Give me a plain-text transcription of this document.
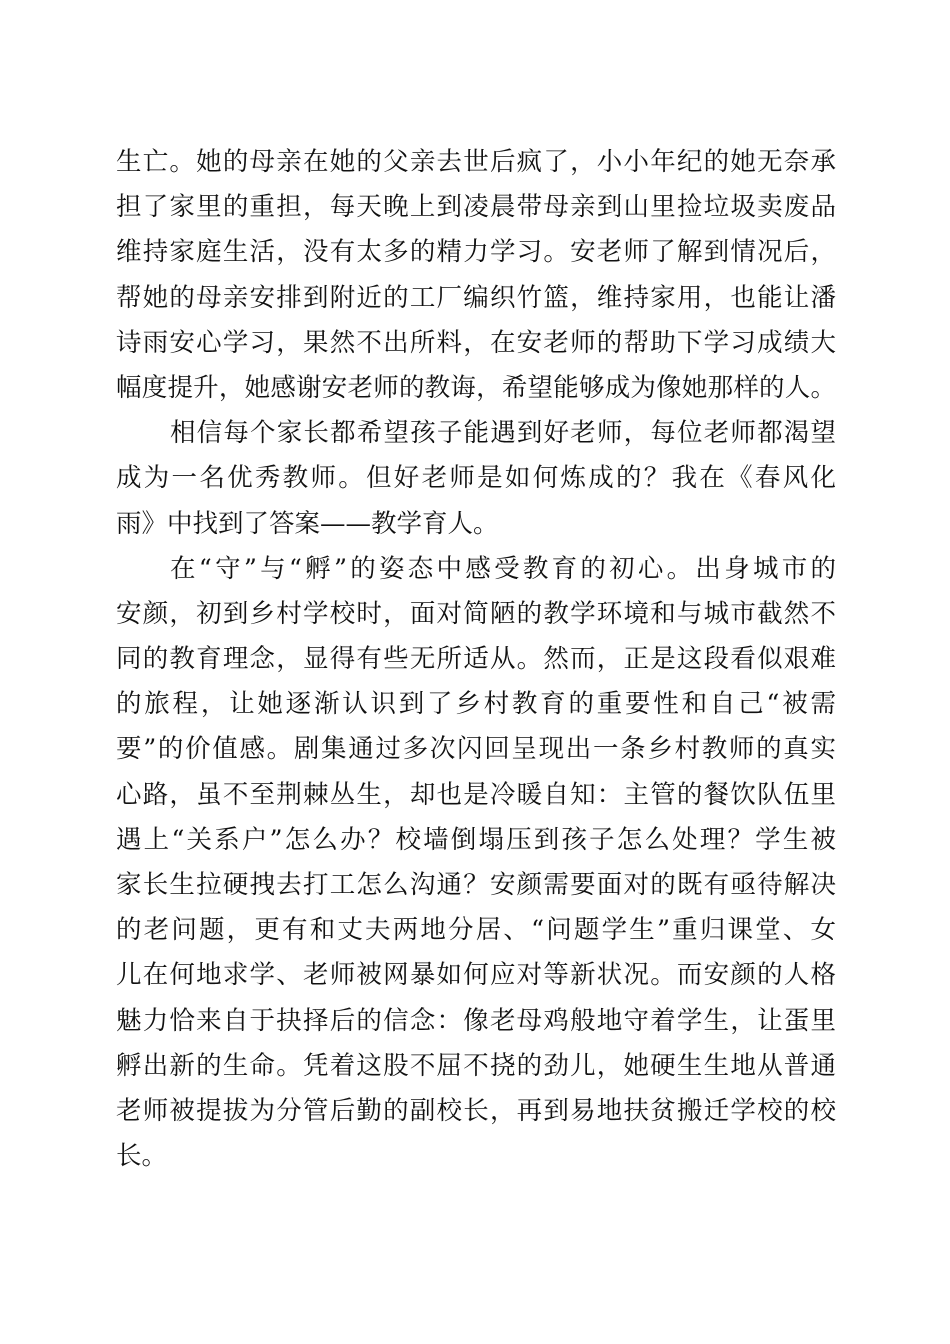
生亡。她的母亲在她的父亲去世后疯了，小小年纪的她无奈承
担了家里的重担，每天晚上到凌晨带母亲到山里捡垃圾卖废品
维持家庭生活，没有太多的精力学习。安老师了解到情况后，
帮她的母亲安排到附近的工厂编织竹篮，维持家用，也能让潘
诗雨安心学习，果然不出所料，在安老师的帮助下学习成绩大
幅度提升，她感谢安老师的教诲，希望能够成为像她那样的人。
相信每个家长都希望孩子能遇到好老师，每位老师都渴望
成为一名优秀教师。但好老师是如何炼成的？我在《春风化
雨》中找到了答案——教学育人。
在“守”与“孵”的姿态中感受教育的初心。出身城市的
安颜，初到乡村学校时，面对简陋的教学环境和与城市截然不
同的教育理念，显得有些无所适从。然而，正是这段看似艰难
的旅程，让她逐渐认识到了乡村教育的重要性和自己“被需
要”的价值感。剧集通过多次闪回呈现出一条乡村教师的真实
心路，虽不至荆棘丛生，却也是冷暖自知：主管的餐饮队伍里
遇上“关系户”怎么办？校墙倒塌压到孩子怎么处理？学生被
家长生拉硬拽去打工怎么沟通？安颜需要面对的既有亟待解决
的老问题，更有和丈夫两地分居、“问题学生”重归课堂、女
儿在何地求学、老师被网暴如何应对等新状况。而安颜的人格
魅力恰来自于抉择后的信念：像老母鸡般地守着学生，让蛋里
孵出新的生命。凭着这股不屈不挠的劲儿，她硬生生地从普通
老师被提拔为分管后勤的副校长，再到易地扶贫搬迁学校的校
长。
